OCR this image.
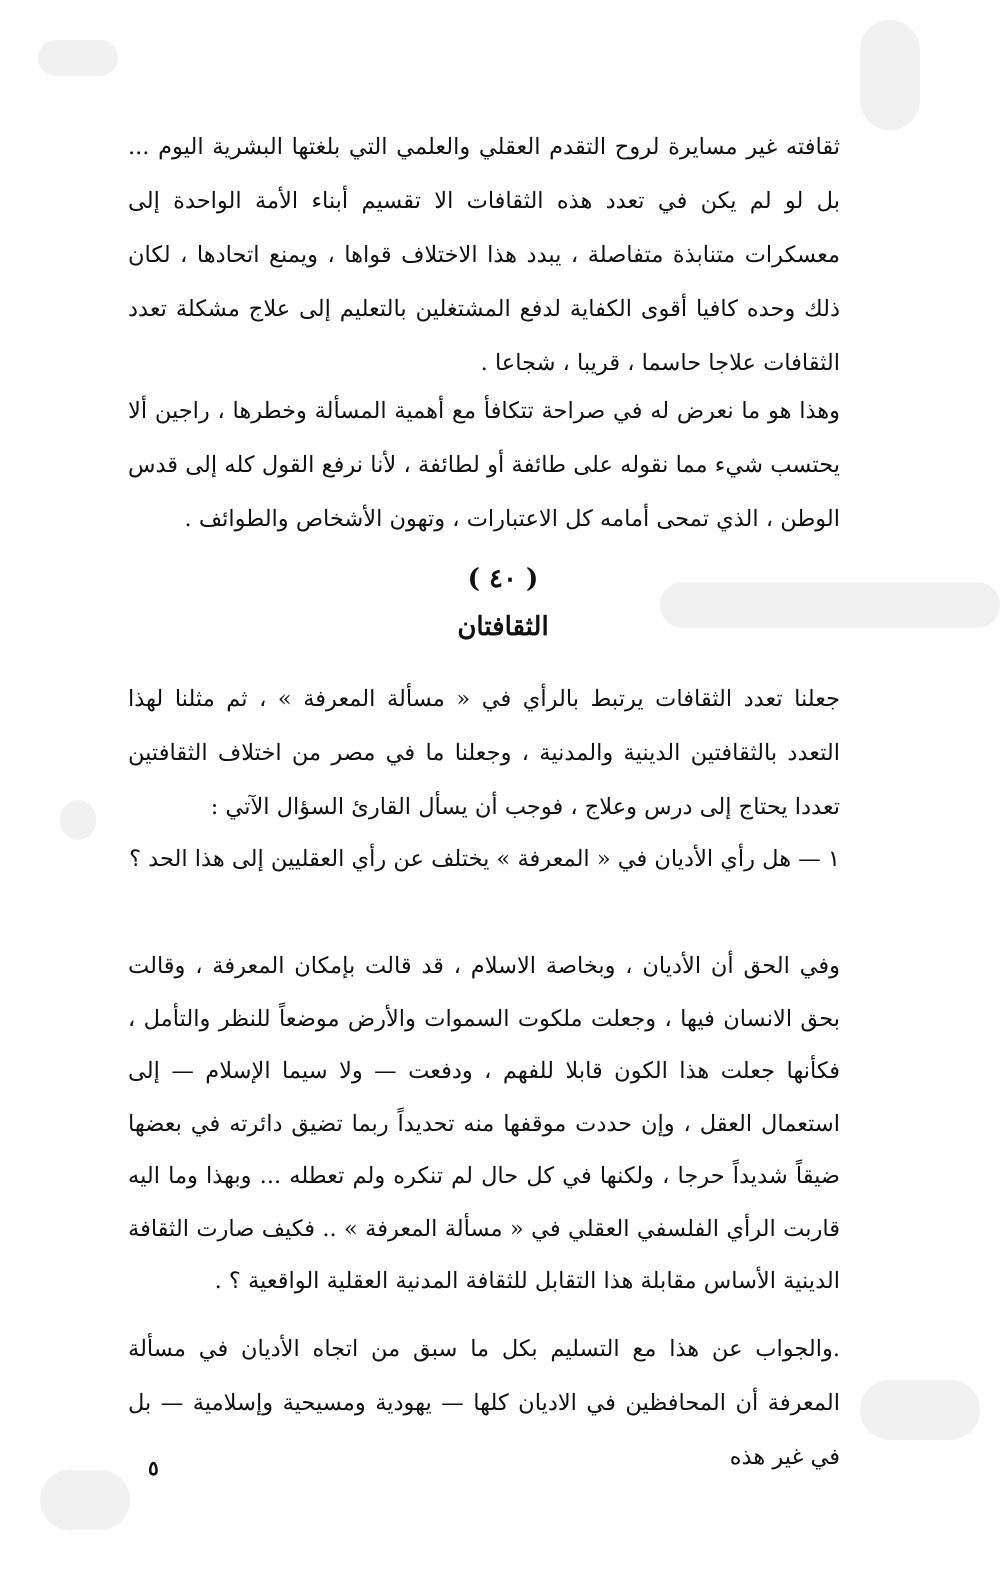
ثقافته غير مسايرة لروح التقدم العقلي والعلمي التي بلغتها البشرية اليوم ... بل لو لم يكن في تعدد هذه الثقافات الا تقسيم أبناء الأمة الواحدة إلى معسكرات متنابذة متفاصلة ، يبدد هذا الاختلاف قواها ، ويمنع اتحادها ، لكان ذلك وحده كافيا أقوى الكفاية لدفع المشتغلين بالتعليم إلى علاج مشكلة تعدد الثقافات علاجا حاسما ، قريبا ، شجاعا .

وهذا هو ما نعرض له في صراحة تتكافأ مع أهمية المسألة وخطرها ، راجين ألا يحتسب شيء مما نقوله على طائفة أو لطائفة ، لأنا نرفع القول كله إلى قدس الوطن ، الذي تمحى أمامه كل الاعتبارات ، وتهون الأشخاص والطوائف .

( ٤٠ )
الثقافتان

جعلنا تعدد الثقافات يرتبط بالرأي في « مسألة المعرفة » ، ثم مثلنا لهذا التعدد بالثقافتين الدينية والمدنية ، وجعلنا ما في مصر من اختلاف الثقافتين تعددا يحتاج إلى درس وعلاج ، فوجب أن يسأل القارئ السؤال الآتي :

١ — هل رأي الأديان في « المعرفة » يختلف عن رأي العقليين إلى هذا الحد ؟

وفي الحق أن الأديان ، وبخاصة الاسلام ، قد قالت بإمكان المعرفة ، وقالت بحق الانسان فيها ، وجعلت ملكوت السموات والأرض موضعاً للنظر والتأمل ، فكأنها جعلت هذا الكون قابلا للفهم ، ودفعت — ولا سيما الإسلام — إلى استعمال العقل ، وإن حددت موقفها منه تحديداً ربما تضيق دائرته في بعضها ضيقاً شديداً حرجا ، ولكنها في كل حال لم تنكره ولم تعطله ... وبهذا وما اليه قاربت الرأي الفلسفي العقلي في « مسألة المعرفة » .. فكيف صارت الثقافة الدينية الأساس مقابلة هذا التقابل للثقافة المدنية العقلية الواقعية ؟ .

.والجواب عن هذا مع التسليم بكل ما سبق من اتجاه الأديان في مسألة المعرفة أن المحافظين في الاديان كلها — يهودية ومسيحية وإسلامية — بل في غير هذه

٥
